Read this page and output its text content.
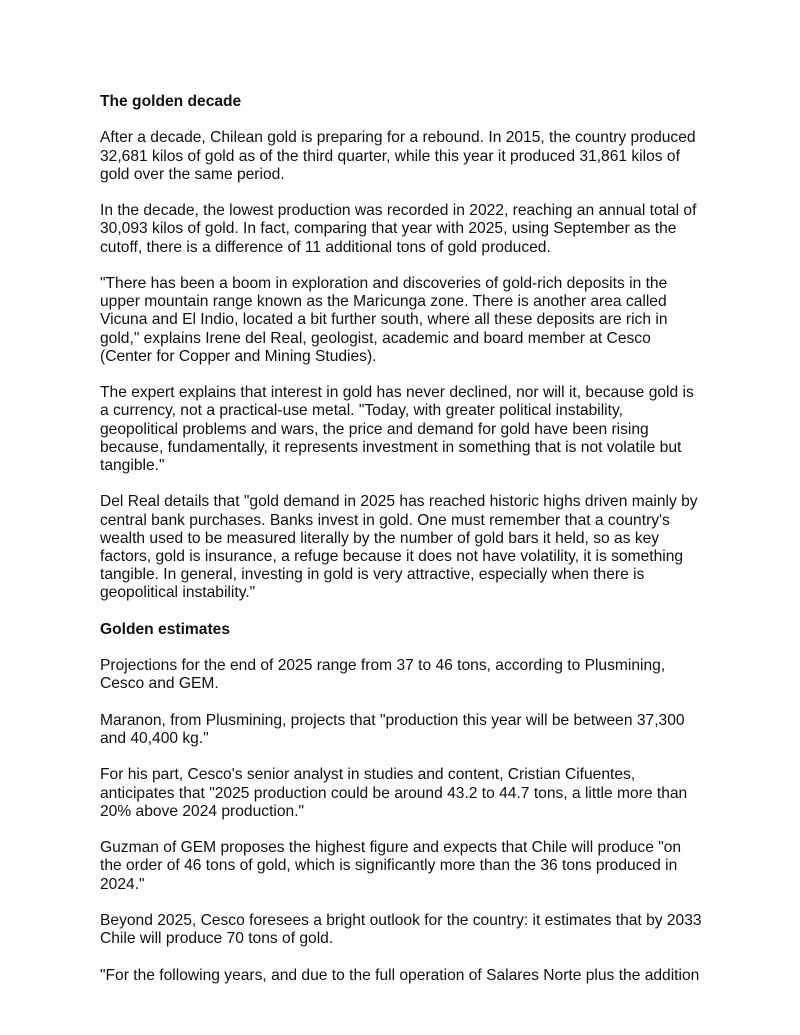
The golden decade

After a decade, Chilean gold is preparing for a rebound. In 2015, the country produced 32,681 kilos of gold as of the third quarter, while this year it produced 31,861 kilos of gold over the same period.

In the decade, the lowest production was recorded in 2022, reaching an annual total of 30,093 kilos of gold. In fact, comparing that year with 2025, using September as the cutoff, there is a difference of 11 additional tons of gold produced.

"There has been a boom in exploration and discoveries of gold-rich deposits in the upper mountain range known as the Maricunga zone. There is another area called Vicuna and El Indio, located a bit further south, where all these deposits are rich in gold," explains Irene del Real, geologist, academic and board member at Cesco (Center for Copper and Mining Studies).

The expert explains that interest in gold has never declined, nor will it, because gold is a currency, not a practical-use metal. "Today, with greater political instability, geopolitical problems and wars, the price and demand for gold have been rising because, fundamentally, it represents investment in something that is not volatile but tangible."

Del Real details that "gold demand in 2025 has reached historic highs driven mainly by central bank purchases. Banks invest in gold. One must remember that a country's wealth used to be measured literally by the number of gold bars it held, so as key factors, gold is insurance, a refuge because it does not have volatility, it is something tangible. In general, investing in gold is very attractive, especially when there is geopolitical instability."

Golden estimates

Projections for the end of 2025 range from 37 to 46 tons, according to Plusmining, Cesco and GEM.

Maranon, from Plusmining, projects that "production this year will be between 37,300 and 40,400 kg."

For his part, Cesco's senior analyst in studies and content, Cristian Cifuentes, anticipates that "2025 production could be around 43.2 to 44.7 tons, a little more than 20% above 2024 production."

Guzman of GEM proposes the highest figure and expects that Chile will produce "on the order of 46 tons of gold, which is significantly more than the 36 tons produced in 2024."

Beyond 2025, Cesco foresees a bright outlook for the country: it estimates that by 2033 Chile will produce 70 tons of gold.

"For the following years, and due to the full operation of Salares Norte plus the addition
